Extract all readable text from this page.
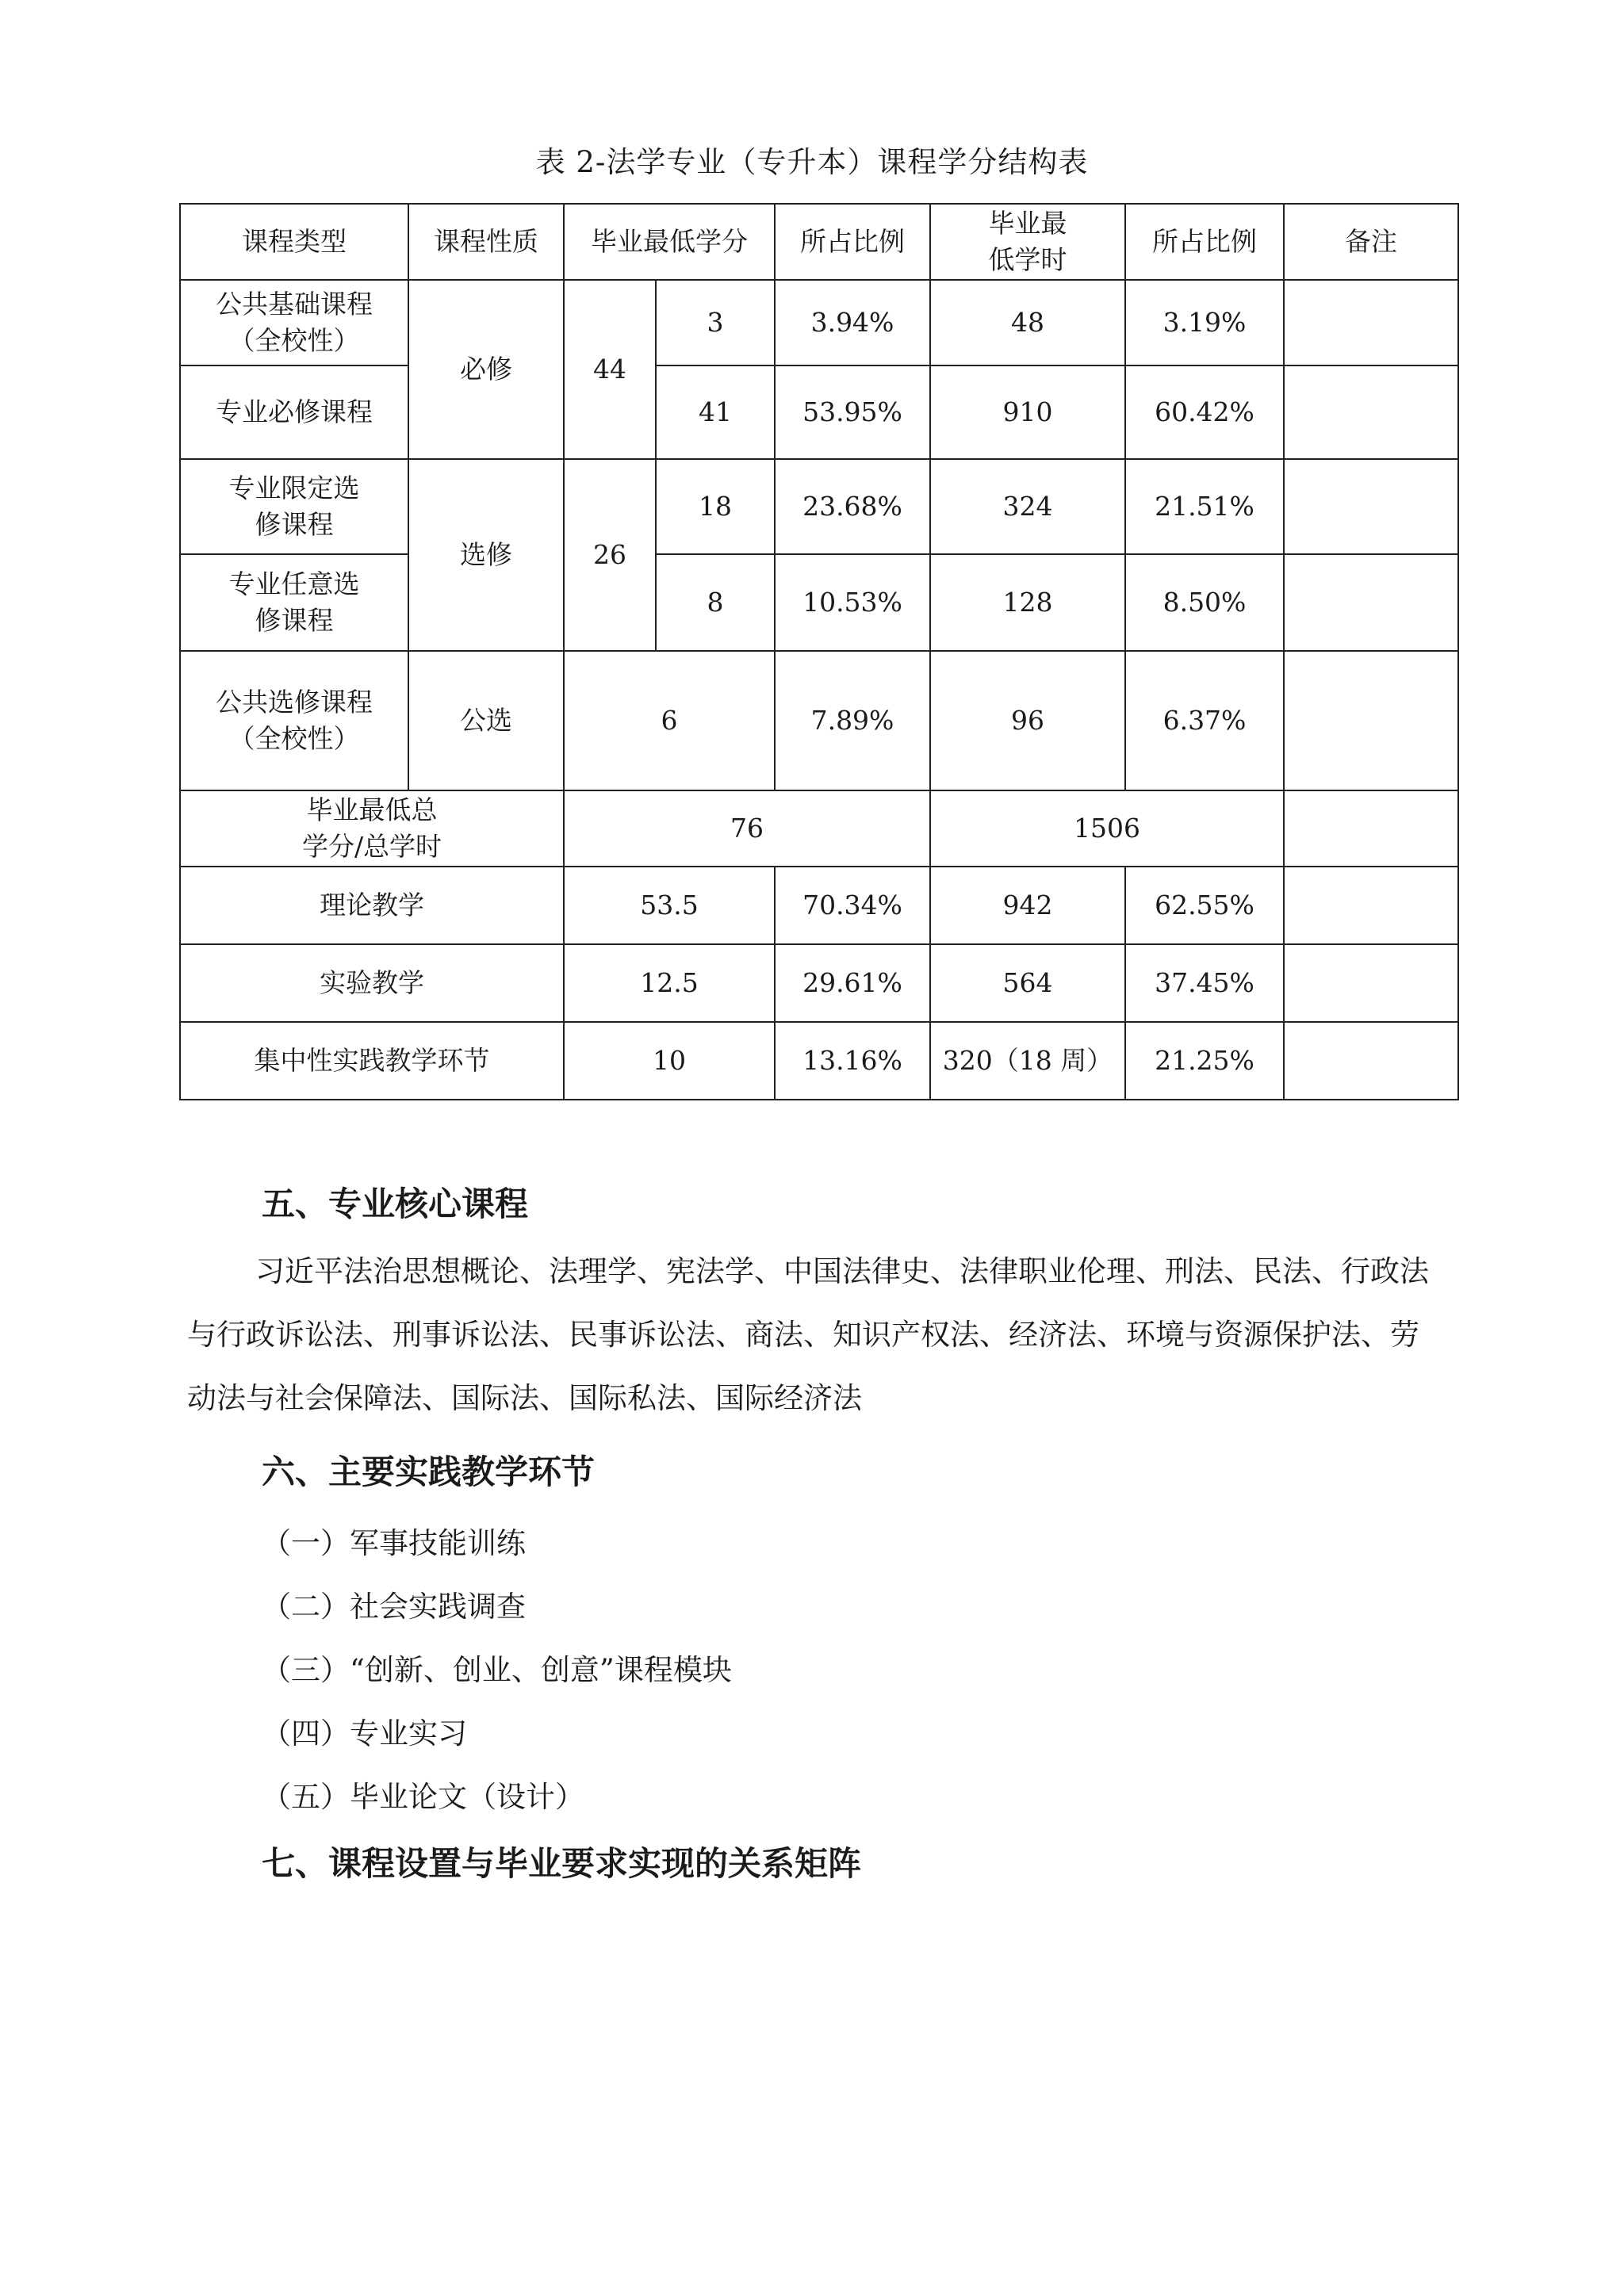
表 2-法学专业（专升本）课程学分结构表
课程类型	课程性质	毕业最低学分		所占比例	毕业最低学时	所占比例	备注
公共基础课程（全校性）	必修	44	3	3.94%	48	3.19%	
专业必修课程			41	53.95%	910	60.42%	
专业限定选修课程	选修	26	18	23.68%	324	21.51%	
专业任意选修课程			8	10.53%	128	8.50%	
公共选修课程（全校性）	公选	6		7.89%	96	6.37%	
毕业最低总学分/总学时		76			1506		
理论教学		53.5		70.34%	942	62.55%	
实验教学		12.5		29.61%	564	37.45%	
集中性实践教学环节		10		13.16%	320（18 周）	21.25%	
五、专业核心课程
习近平法治思想概论、法理学、宪法学、中国法律史、法律职业伦理、刑法、民法、行政法与行政诉讼法、刑事诉讼法、民事诉讼法、商法、知识产权法、经济法、环境与资源保护法、劳动法与社会保障法、国际法、国际私法、国际经济法
六、主要实践教学环节
（一）军事技能训练
（二）社会实践调查
（三）“创新、创业、创意”课程模块
（四）专业实习
（五）毕业论文（设计）
七、课程设置与毕业要求实现的关系矩阵
